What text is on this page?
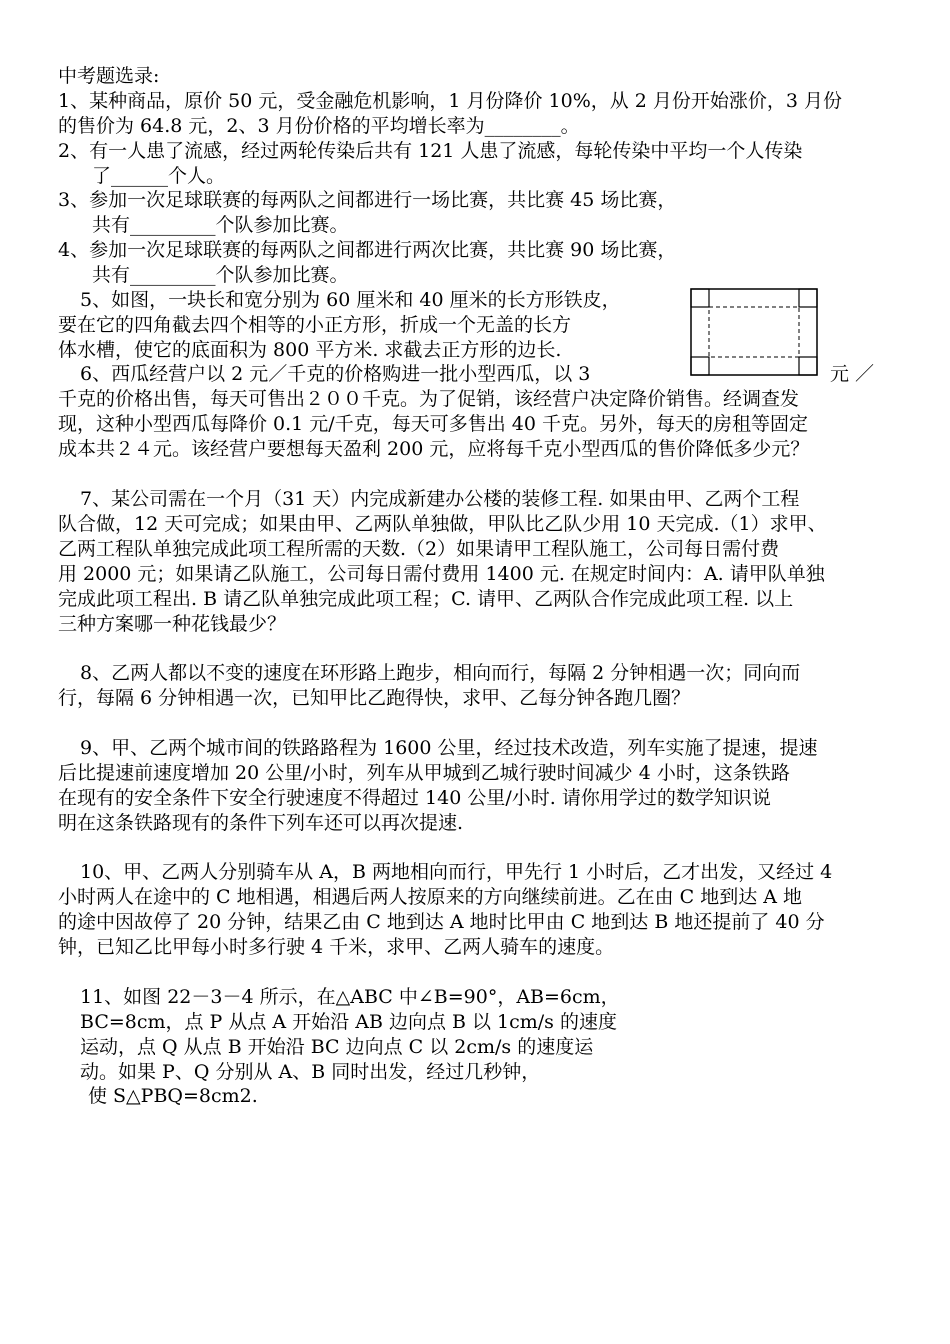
中考题选录:
1、某种商品，原价 50 元，受金融危机影响，1 月份降价 10%，从 2 月份开始涨价，3 月份
的售价为 64.8 元，2、3 月份价格的平均增长率为________。
2、有一人患了流感，经过两轮传染后共有 121 人患了流感，每轮传染中平均一个人传染
了______个人。
3、参加一次足球联赛的每两队之间都进行一场比赛，共比赛 45 场比赛，
共有_________个队参加比赛。
4、参加一次足球联赛的每两队之间都进行两次比赛，共比赛 90 场比赛，
共有_________个队参加比赛。
5、如图，一块长和宽分别为 60 厘米和 40 厘米的长方形铁皮，
要在它的四角截去四个相等的小正方形，折成一个无盖的长方
体水槽，使它的底面积为 800 平方米. 求截去正方形的边长.
6、西瓜经营户以 2 元／千克的价格购进一批小型西瓜，以 3	元 ／
千克的价格出售，每天可售出２００千克。为了促销，该经营户决定降价销售。经调查发
现，这种小型西瓜每降价 0.1 元/千克，每天可多售出 40 千克。另外，每天的房租等固定
成本共２４元。该经营户要想每天盈利 200 元，应将每千克小型西瓜的售价降低多少元？
7、某公司需在一个月（31 天）内完成新建办公楼的装修工程. 如果由甲、乙两个工程
队合做，12 天可完成；如果由甲、乙两队单独做，甲队比乙队少用 10 天完成.（1）求甲、
乙两工程队单独完成此项工程所需的天数.（2）如果请甲工程队施工，公司每日需付费
用 2000 元；如果请乙队施工，公司每日需付费用 1400 元. 在规定时间内：A. 请甲队单独
完成此项工程出. B 请乙队单独完成此项工程；C. 请甲、乙两队合作完成此项工程. 以上
三种方案哪一种花钱最少？
8、乙两人都以不变的速度在环形路上跑步，相向而行，每隔 2 分钟相遇一次；同向而
行，每隔 6 分钟相遇一次，已知甲比乙跑得快，求甲、乙每分钟各跑几圈？
9、甲、乙两个城市间的铁路路程为 1600 公里，经过技术改造，列车实施了提速，提速
后比提速前速度增加 20 公里/小时，列车从甲城到乙城行驶时间减少 4 小时，这条铁路
在现有的安全条件下安全行驶速度不得超过 140 公里/小时. 请你用学过的数学知识说
明在这条铁路现有的条件下列车还可以再次提速.
10、甲、乙两人分别骑车从 A，B 两地相向而行，甲先行 1 小时后，乙才出发，又经过 4
小时两人在途中的 C 地相遇，相遇后两人按原来的方向继续前进。乙在由 C 地到达 A 地
的途中因故停了 20 分钟，结果乙由 C 地到达 A 地时比甲由 C 地到达 B 地还提前了 40 分
钟，已知乙比甲每小时多行驶 4 千米，求甲、乙两人骑车的速度。
11、如图 22－3－4 所示，在△ABC 中∠B=90°，AB=6cm，
BC=8cm，点 P 从点 A 开始沿 AB 边向点 B 以 1cm/s 的速度
运动，点 Q 从点 B 开始沿 BC 边向点 C 以 2cm/s 的速度运
动。如果 P、Q 分别从 A、B 同时出发，经过几秒钟，
使 S△PBQ=8cm2.
